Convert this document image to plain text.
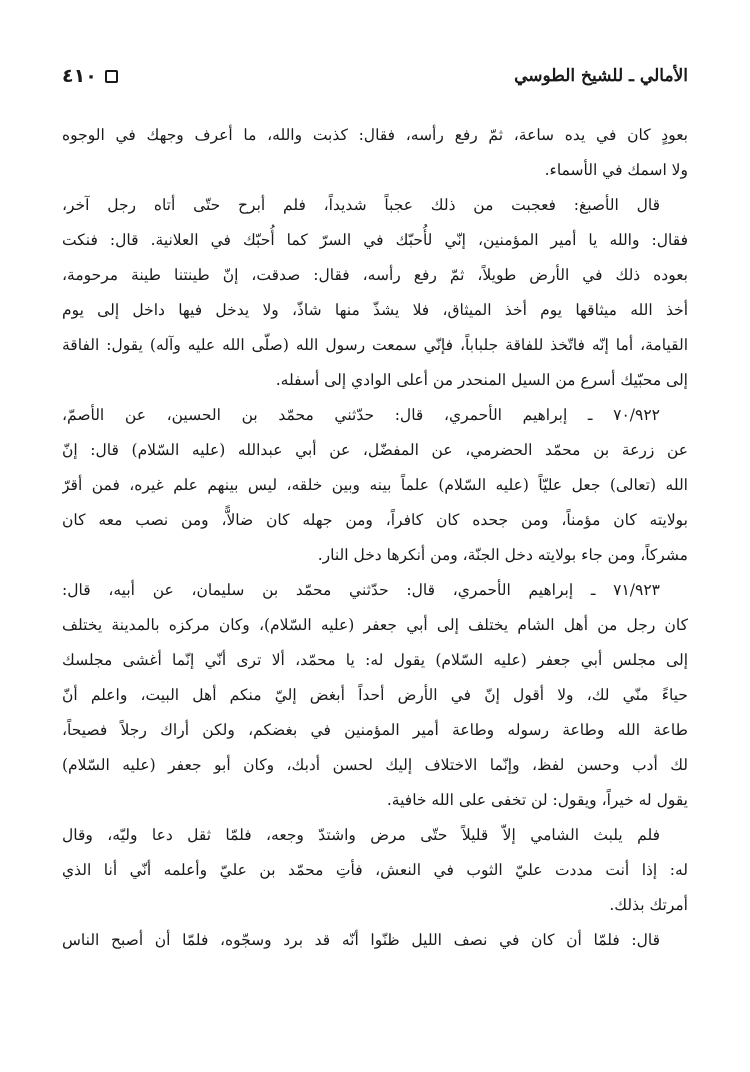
٤١٠	الأمالي ـ للشيخ الطوسي
بعودٍ كان في يده ساعة، ثمّ رفع رأسه، فقال: كذبت والله، ما أعرف وجهك في الوجوه
ولا اسمك في الأسماء.
قال الأصبغ: فعجبت من ذلك عجباً شديداً، فلم أبرح حتّى أتاه رجل آخر،
فقال: والله يا أمير المؤمنين، إنّي لأُحبّك في السرّ كما أُحبّك في العلانية. قال: فنكت
بعوده ذلك في الأرض طويلاً، ثمّ رفع رأسه، فقال: صدقت، إنّ طينتنا طينة مرحومة،
أخذ الله ميثاقها يوم أخذ الميثاق، فلا يشذّ منها شاذّ، ولا يدخل فيها داخل إلى يوم
القيامة، أما إنّه فاتّخذ للفاقة جلباباً، فإنّي سمعت رسول الله (صلّى الله عليه وآله) يقول: الفاقة
إلى محبّيك أسرع من السيل المنحدر من أعلى الوادي إلى أسفله.
٧٠/٩٢٢ ـ إبراهيم الأحمري، قال: حدّثني محمّد بن الحسين، عن الأصمّ،
عن زرعة بن محمّد الحضرمي، عن المفضّل، عن أبي عبدالله (عليه السّلام) قال: إنّ
الله (تعالى) جعل عليّاً (عليه السّلام) علماً بينه وبين خلقه، ليس بينهم علم غيره، فمن أقرّ
بولايته كان مؤمناً، ومن جحده كان كافراً، ومن جهله كان ضالاًّ، ومن نصب معه كان
مشركاً، ومن جاء بولايته دخل الجنّة، ومن أنكرها دخل النار.
٧١/٩٢٣ ـ إبراهيم الأحمري، قال: حدّثني محمّد بن سليمان، عن أبيه، قال:
كان رجل من أهل الشام يختلف إلى أبي جعفر (عليه السّلام)، وكان مركزه بالمدينة يختلف
إلى مجلس أبي جعفر (عليه السّلام) يقول له: يا محمّد، ألا ترى أنّي إنّما أغشى مجلسك
حياءً منّي لك، ولا أقول إنّ في الأرض أحداً أبغض إليّ منكم أهل البيت، واعلم أنّ
طاعة الله وطاعة رسوله وطاعة أمير المؤمنين في بغضكم، ولكن أراك رجلاً فصيحاً،
لك أدب وحسن لفظ، وإنّما الاختلاف إليك لحسن أدبك، وكان أبو جعفر (عليه السّلام)
يقول له خيراً، ويقول: لن تخفى على الله خافية.
فلم يلبث الشامي إلاّ قليلاً حتّى مرض واشتدّ وجعه، فلمّا ثقل دعا وليّه، وقال
له: إذا أنت مددت عليّ الثوب في النعش، فأتِ محمّد بن عليّ وأعلمه أنّي أنا الذي
أمرتك بذلك.
قال: فلمّا أن كان في نصف الليل ظنّوا أنّه قد برد وسجّوه، فلمّا أن أصبح الناس
